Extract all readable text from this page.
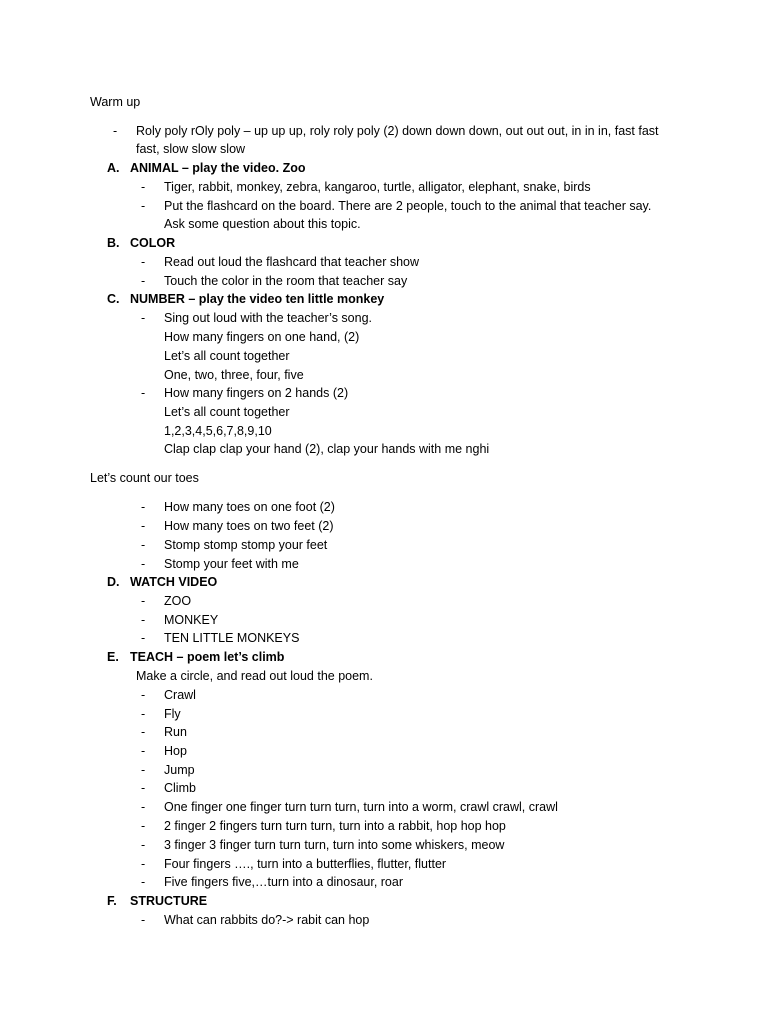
Warm up
- Roly poly rOly poly – up up up, roly roly poly (2) down down down, out out out, in in in, fast fast
fast, slow slow slow
A. ANIMAL – play the video. Zoo
- Tiger, rabbit, monkey, zebra, kangaroo, turtle, alligator, elephant, snake, birds
- Put the flashcard on the board. There are 2 people, touch to the animal that teacher say.
Ask some question about this topic.
B. COLOR
- Read out loud the flashcard that teacher show
- Touch the color in the room that teacher say
C. NUMBER – play the video ten little monkey
- Sing out loud with the teacher’s song.
How many fingers on one hand, (2)
Let’s all count together
One, two, three, four, five
- How many fingers on 2 hands (2)
Let’s all count together
1,2,3,4,5,6,7,8,9,10
Clap clap clap your hand (2), clap your hands with me nghi
Let’s count our toes
- How many toes on one foot (2)
- How many toes on two feet (2)
- Stomp stomp stomp your feet
- Stomp your feet with me
D. WATCH VIDEO
- ZOO
- MONKEY
- TEN LITTLE MONKEYS
E. TEACH – poem let’s climb
Make a circle, and read out loud the poem.
- Crawl
- Fly
- Run
- Hop
- Jump
- Climb
- One finger one finger turn turn turn, turn into a worm, crawl crawl, crawl
- 2 finger 2 fingers turn turn turn, turn into a rabbit, hop hop hop
- 3 finger 3 finger turn turn turn, turn into some whiskers, meow
- Four fingers …., turn into a butterflies, flutter, flutter
- Five fingers five,…turn into a dinosaur, roar
F. STRUCTURE
- What can rabbits do?-> rabit can hop
